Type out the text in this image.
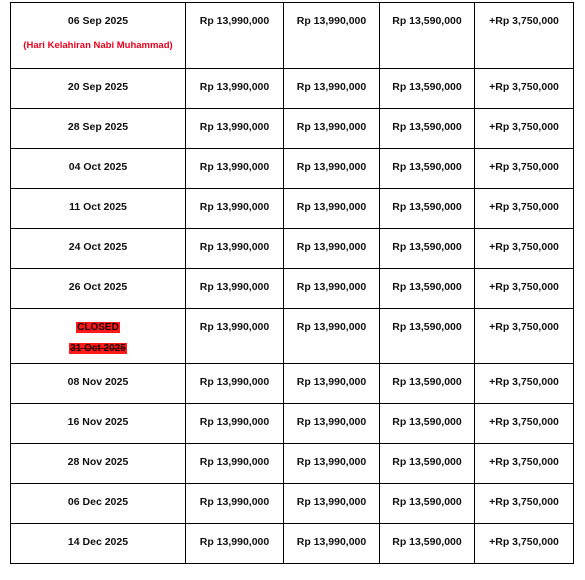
06 Sep 2025
(Hari Kelahiran Nabi Muhammad)	Rp 13,990,000	Rp 13,990,000	Rp 13,590,000	+Rp 3,750,000
20 Sep 2025	Rp 13,990,000	Rp 13,990,000	Rp 13,590,000	+Rp 3,750,000
28 Sep 2025	Rp 13,990,000	Rp 13,990,000	Rp 13,590,000	+Rp 3,750,000
04 Oct 2025	Rp 13,990,000	Rp 13,990,000	Rp 13,590,000	+Rp 3,750,000
11 Oct 2025	Rp 13,990,000	Rp 13,990,000	Rp 13,590,000	+Rp 3,750,000
24 Oct 2025	Rp 13,990,000	Rp 13,990,000	Rp 13,590,000	+Rp 3,750,000
26 Oct 2025	Rp 13,990,000	Rp 13,990,000	Rp 13,590,000	+Rp 3,750,000

CLOSED
31 Oct 2025	Rp 13,990,000	Rp 13,990,000	Rp 13,590,000	+Rp 3,750,000
08 Nov 2025	Rp 13,990,000	Rp 13,990,000	Rp 13,590,000	+Rp 3,750,000
16 Nov 2025	Rp 13,990,000	Rp 13,990,000	Rp 13,590,000	+Rp 3,750,000
28 Nov 2025	Rp 13,990,000	Rp 13,990,000	Rp 13,590,000	+Rp 3,750,000
06 Dec 2025	Rp 13,990,000	Rp 13,990,000	Rp 13,590,000	+Rp 3,750,000
14 Dec 2025	Rp 13,990,000	Rp 13,990,000	Rp 13,590,000	+Rp 3,750,000
